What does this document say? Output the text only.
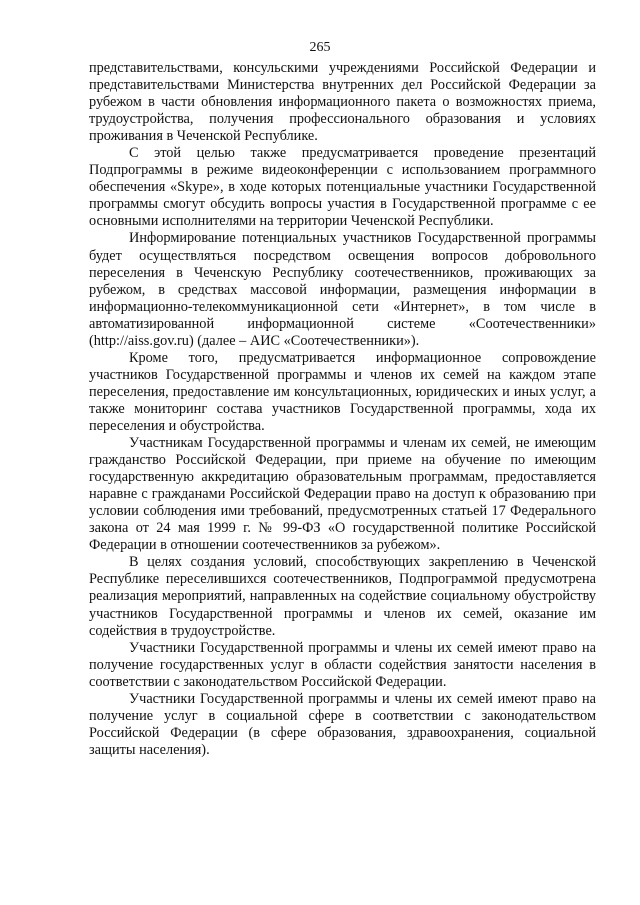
265

представительствами, консульскими учреждениями Российской Федерации и представительствами Министерства внутренних дел Российской Федерации за рубежом в части обновления информационного пакета о возможностях приема, трудоустройства, получения профессионального образования и условиях проживания в Чеченской Республике.

С этой целью также предусматривается проведение презентаций Подпрограммы в режиме видеоконференции с использованием программного обеспечения «Skype», в ходе которых потенциальные участники Государственной программы смогут обсудить вопросы участия в Государственной программе с ее основными исполнителями на территории Чеченской Республики.

Информирование потенциальных участников Государственной программы будет осуществляться посредством освещения вопросов добровольного переселения в Чеченскую Республику соотечественников, проживающих за рубежом, в средствах массовой информации, размещения информации в информационно-телекоммуникационной сети «Интернет», в том числе в автоматизированной информационной системе «Соотечественники» (http://aiss.gov.ru) (далее – АИС «Соотечественники»).

Кроме того, предусматривается информационное сопровождение участников Государственной программы и членов их семей на каждом этапе переселения, предоставление им консультационных, юридических и иных услуг, а также мониторинг состава участников Государственной программы, хода их переселения и обустройства.

Участникам Государственной программы и членам их семей, не имеющим гражданство Российской Федерации, при приеме на обучение по имеющим государственную аккредитацию образовательным программам, предоставляется наравне с гражданами Российской Федерации право на доступ к образованию при условии соблюдения ими требований, предусмотренных статьей 17 Федерального закона от 24 мая 1999 г. № 99-ФЗ «О государственной политике Российской Федерации в отношении соотечественников за рубежом».

В целях создания условий, способствующих закреплению в Чеченской Республике переселившихся соотечественников, Подпрограммой предусмотрена реализация мероприятий, направленных на содействие социальному обустройству участников Государственной программы и членов их семей, оказание им содействия в трудоустройстве.

Участники Государственной программы и члены их семей имеют право на получение государственных услуг в области содействия занятости населения в соответствии с законодательством Российской Федерации.

Участники Государственной программы и члены их семей имеют право на получение услуг в социальной сфере в соответствии с законодательством Российской Федерации (в сфере образования, здравоохранения, социальной защиты населения).
